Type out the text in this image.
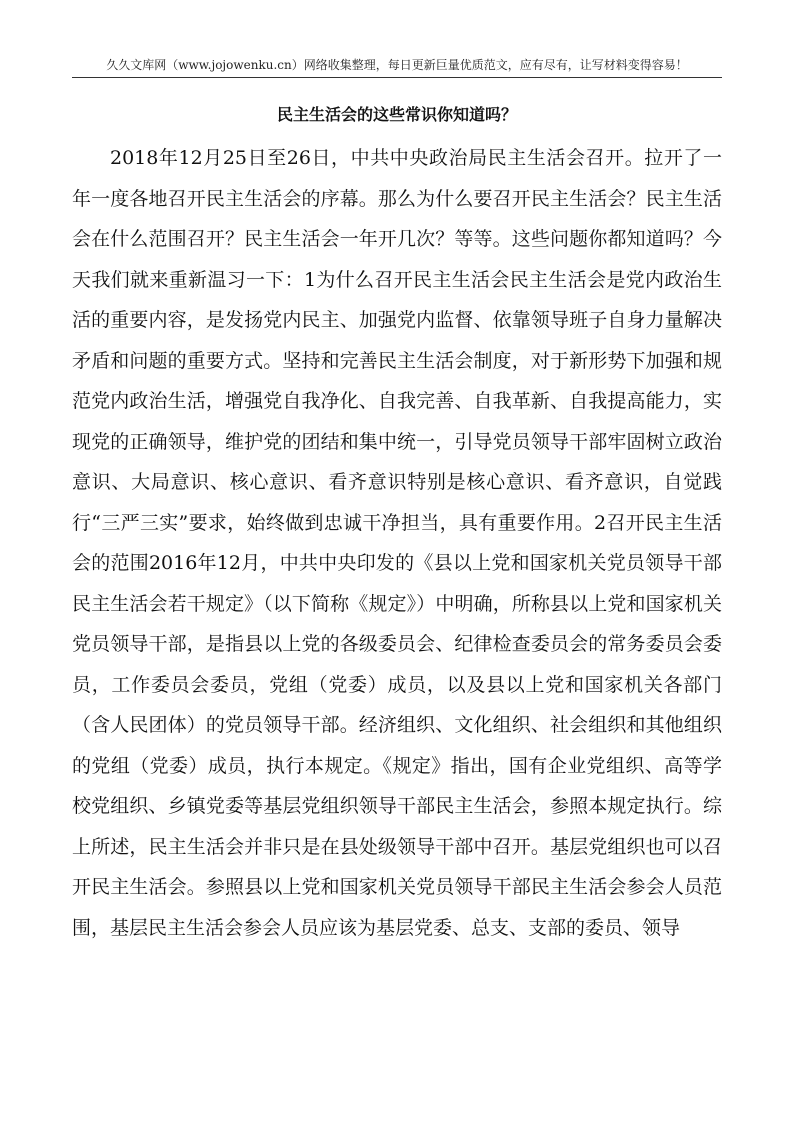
久久文库网（www.jojowenku.cn）网络收集整理，每日更新巨量优质范文，应有尽有，让写材料变得容易！
民主生活会的这些常识你知道吗？

2018年12月25日至26日，中共中央政治局民主生活会召开。拉开了一年一度各地召开民主生活会的序幕。那么为什么要召开民主生活会？民主生活会在什么范围召开？民主生活会一年开几次？等等。这些问题你都知道吗？今天我们就来重新温习一下：1为什么召开民主生活会民主生活会是党内政治生活的重要内容，是发扬党内民主、加强党内监督、依靠领导班子自身力量解决矛盾和问题的重要方式。坚持和完善民主生活会制度，对于新形势下加强和规范党内政治生活，增强党自我净化、自我完善、自我革新、自我提高能力，实现党的正确领导，维护党的团结和集中统一，引导党员领导干部牢固树立政治意识、大局意识、核心意识、看齐意识特别是核心意识、看齐意识，自觉践行“三严三实”要求，始终做到忠诚干净担当，具有重要作用。2召开民主生活会的范围2016年12月，中共中央印发的《县以上党和国家机关党员领导干部民主生活会若干规定》（以下简称《规定》）中明确，所称县以上党和国家机关党员领导干部，是指县以上党的各级委员会、纪律检查委员会的常务委员会委员，工作委员会委员，党组（党委）成员，以及县以上党和国家机关各部门（含人民团体）的党员领导干部。经济组织、文化组织、社会组织和其他组织的党组（党委）成员，执行本规定。《规定》指出，国有企业党组织、高等学校党组织、乡镇党委等基层党组织领导干部民主生活会，参照本规定执行。综上所述，民主生活会并非只是在县处级领导干部中召开。基层党组织也可以召开民主生活会。参照县以上党和国家机关党员领导干部民主生活会参会人员范围，基层民主生活会参会人员应该为基层党委、总支、支部的委员、领导
